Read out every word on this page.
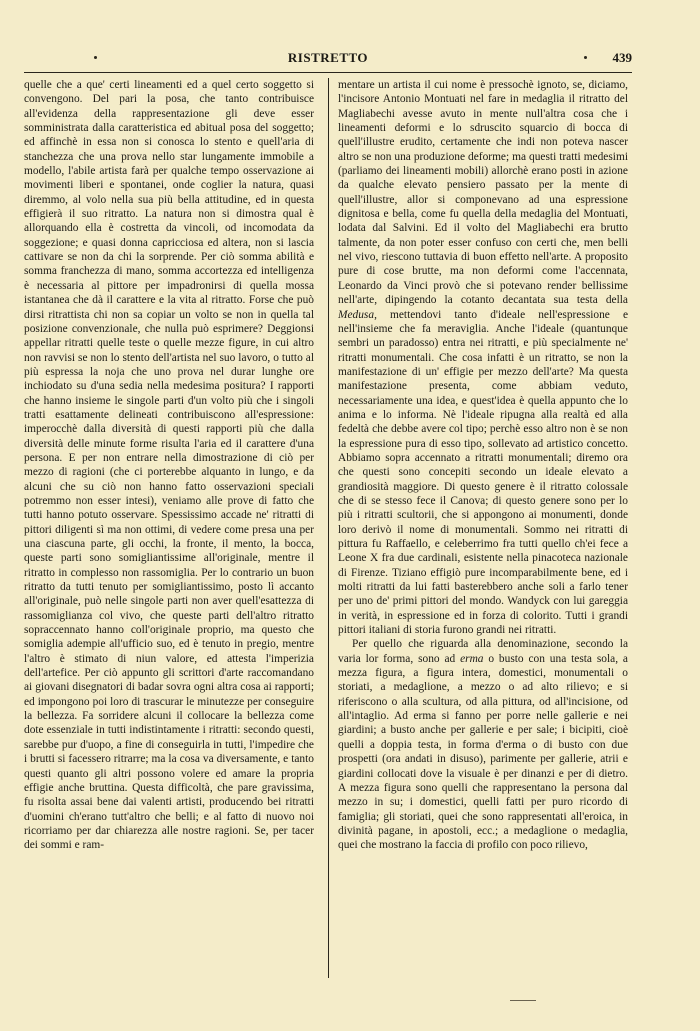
RISTRETTO	439

quelle che a que' certi lineamenti ed a quel certo soggetto si convengono. Del pari la posa, che tanto contribuisce all'evidenza della rappresentazione gli deve esser somministrata dalla caratteristica ed abitual posa del soggetto; ed affinchè in essa non si conosca lo stento e quell'aria di stanchezza che una prova nello star lungamente immobile a modello, l'abile artista farà per qualche tempo osservazione ai movimenti liberi e spontanei, onde coglier la natura, quasi diremmo, al volo nella sua più bella attitudine, ed in questa effigierà il suo ritratto. La natura non si dimostra qual è allorquando ella è costretta da vincoli, od incomodata da soggezione; e quasi donna capricciosa ed altera, non si lascia cattivare se non da chi la sorprende. Per ciò somma abilità e somma franchezza di mano, somma accortezza ed intelligenza è necessaria al pittore per impadronirsi di quella mossa istantanea che dà il carattere e la vita al ritratto. Forse che può dirsi ritrattista chi non sa copiar un volto se non in quella tal posizione convenzionale, che nulla può esprimere? Deggionsi appellar ritratti quelle teste o quelle mezze figure, in cui altro non ravvisi se non lo stento dell'artista nel suo lavoro, o tutto al più espressa la noja che uno prova nel durar lunghe ore inchiodato su d'una sedia nella medesima positura? I rapporti che hanno insieme le singole parti d'un volto più che i singoli tratti esattamente delineati contribuiscono all'espressione: imperocchè dalla diversità di questi rapporti più che dalla diversità delle minute forme risulta l'aria ed il carattere d'una persona. E per non entrare nella dimostrazione di ciò per mezzo di ragioni (che ci porterebbe alquanto in lungo, e da alcuni che su ciò non hanno fatto osservazioni speciali potremmo non esser intesi), veniamo alle prove di fatto che tutti hanno potuto osservare. Spessissimo accade ne' ritratti di pittori diligenti sì ma non ottimi, di vedere come presa una per una ciascuna parte, gli occhi, la fronte, il mento, la bocca, queste parti sono somigliantissime all'originale, mentre il ritratto in complesso non rassomiglia. Per lo contrario un buon ritratto da tutti tenuto per somigliantissimo, posto lì accanto all'originale, può nelle singole parti non aver quell'esattezza di rassomiglianza col vivo, che queste parti dell'altro ritratto sopraccennato hanno coll'originale proprio, ma questo che somiglia adempie all'ufficio suo, ed è tenuto in pregio, mentre l'altro è stimato di niun valore, ed attesta l'imperizia dell'artefice. Per ciò appunto gli scrittori d'arte raccomandano ai giovani disegnatori di badar sovra ogni altra cosa ai rapporti; ed impongono poi loro di trascurar le minutezze per conseguire la bellezza. Fa sorridere alcuni il collocare la bellezza come dote essenziale in tutti indistintamente i ritratti: secondo questi, sarebbe pur d'uopo, a fine di conseguirla in tutti, l'impedire che i brutti si facessero ritrarre; ma la cosa va diversamente, e tanto questi quanto gli altri possono volere ed amare la propria effigie anche bruttina. Questa difficoltà, che pare gravissima, fu risolta assai bene dai valenti artisti, producendo bei ritratti d'uomini ch'erano tutt'altro che belli; e al fatto di nuovo noi ricorriamo per dar chiarezza alle nostre ragioni. Se, per tacer dei sommi e ram-

mentare un artista il cui nome è pressochè ignoto, se, diciamo, l'incisore Antonio Montuati nel fare in medaglia il ritratto del Magliabechi avesse avuto in mente null'altra cosa che i lineamenti deformi e lo sdruscito squarcio di bocca di quell'illustre erudito, certamente che indi non poteva nascer altro se non una produzione deforme; ma questi tratti medesimi (parliamo dei lineamenti mobili) allorchè erano posti in azione da qualche elevato pensiero passato per la mente di quell'illustre, allor si componevano ad una espressione dignitosa e bella, come fu quella della medaglia del Montuati, lodata dal Salvini. Ed il volto del Magliabechi era brutto talmente, da non poter esser confuso con certi che, men belli nel vivo, riescono tuttavia di buon effetto nell'arte. A proposito pure di cose brutte, ma non deformi come l'accennata, Leonardo da Vinci provò che si potevano render bellissime nell'arte, dipingendo la cotanto decantata sua testa della Medusa, mettendovi tanto d'ideale nell'espressione e nell'insieme che fa meraviglia. Anche l'ideale (quantunque sembri un paradosso) entra nei ritratti, e più specialmente ne' ritratti monumentali. Che cosa infatti è un ritratto, se non la manifestazione di un' effigie per mezzo dell'arte? Ma questa manifestazione presenta, come abbiam veduto, necessariamente una idea, e quest'idea è quella appunto che lo anima e lo informa. Nè l'ideale ripugna alla realtà ed alla fedeltà che debbe avere col tipo; perchè esso altro non è se non la espressione pura di esso tipo, sollevato ad artistico concetto. Abbiamo sopra accennato a ritratti monumentali; diremo ora che questi sono concepiti secondo un ideale elevato a grandiosità maggiore. Di questo genere è il ritratto colossale che di se stesso fece il Canova; di questo genere sono per lo più i ritratti scultorii, che si appongono ai monumenti, donde loro derivò il nome di monumentali. Sommo nei ritratti di pittura fu Raffaello, e celeberrimo fra tutti quello ch'ei fece a Leone X fra due cardinali, esistente nella pinacoteca nazionale di Firenze. Tiziano effigiò pure incomparabilmente bene, ed i molti ritratti da lui fatti basterebbero anche soli a farlo tener per uno de' primi pittori del mondo. Wandyck con lui gareggia in verità, in espressione ed in forza di colorito. Tutti i grandi pittori italiani di storia furono grandi nei ritratti.

Per quello che riguarda alla denominazione, secondo la varia lor forma, sono ad erma o busto con una testa sola, a mezza figura, a figura intera, domestici, monumentali o storiati, a medaglione, a mezzo o ad alto rilievo; e si riferiscono o alla scultura, od alla pittura, od all'incisione, od all'intaglio. Ad erma si fanno per porre nelle gallerie e nei giardini; a busto anche per gallerie e per sale; i bicipiti, cioè quelli a doppia testa, in forma d'erma o di busto con due prospetti (ora andati in disuso), parimente per gallerie, atrii e giardini collocati dove la visuale è per dinanzi e per di dietro. A mezza figura sono quelli che rappresentano la persona dal mezzo in su; i domestici, quelli fatti per puro ricordo di famiglia; gli storiati, quei che sono rappresentati all'eroica, in divinità pagane, in apostoli, ecc.; a medaglione o medaglia, quei che mostrano la faccia di profilo con poco rilievo,
